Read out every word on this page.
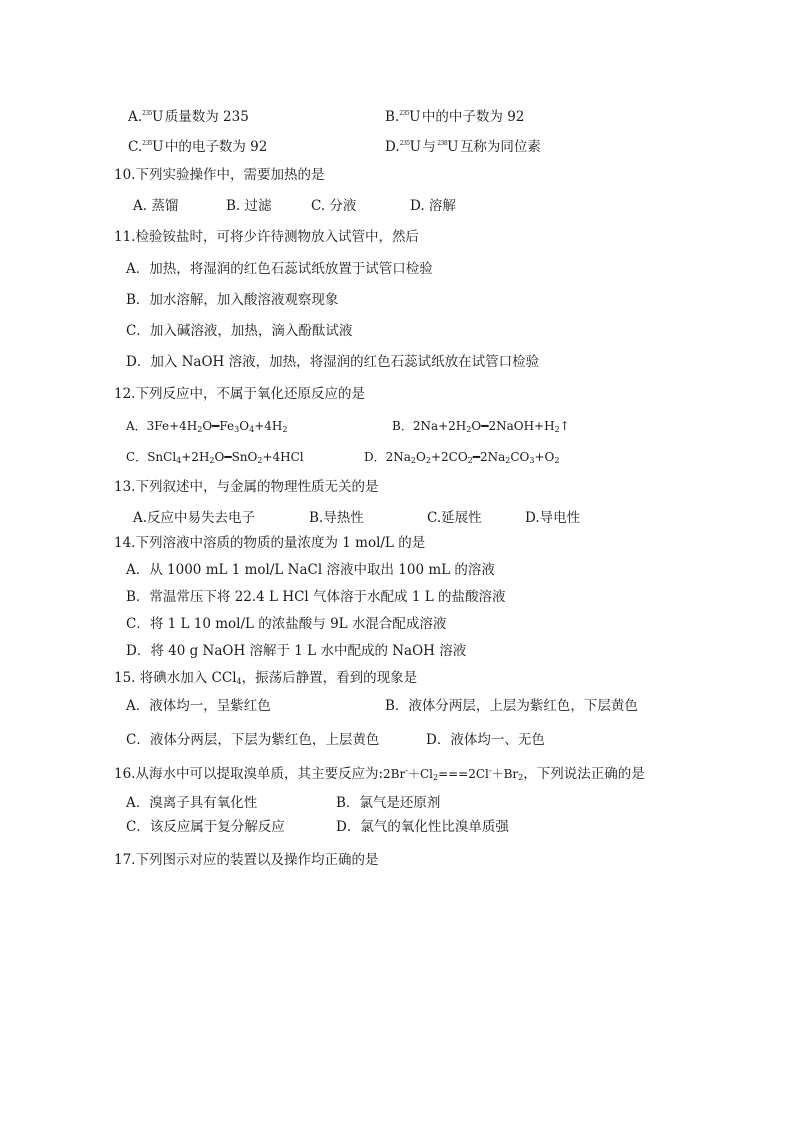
A.$^{235}$U 质量数为 235	B.$^{235}$U 中的中子数为 92
C.$^{235}$U 中的电子数为 92	D.$^{235}$U 与 $^{238}$U 互称为同位素
10.下列实验操作中，需要加热的是
A. 蒸馏	B. 过滤	C. 分液	D. 溶解
11.检验铵盐时，可将少许待测物放入试管中，然后
A．加热，将湿润的红色石蕊试纸放置于试管口检验
B．加水溶解，加入酸溶液观察现象
C．加入碱溶液，加热，滴入酚酞试液
D．加入 NaOH 溶液，加热，将湿润的红色石蕊试纸放在试管口检验
12.下列反应中，不属于氧化还原反应的是
A．$3Fe+4H_2O━Fe_3O_4+4H_2$	B．$2Na+2H_2O━2NaOH+H_2↑$
C．$SnCl_4+2H_2O━SnO_2+4HCl$	D．$2Na_2O_2+2CO_2━2Na_2CO_3+O_2$
13.下列叙述中，与金属的物理性质无关的是
A.反应中易失去电子	B.导热性	C.延展性	D.导电性
14.下列溶液中溶质的物质的量浓度为 1 mol/L 的是
A．从 1000 mL 1 mol/L NaCl 溶液中取出 100 mL 的溶液
B．常温常压下将 22.4 L HCl 气体溶于水配成 1 L 的盐酸溶液
C．将 1 L 10 mol/L 的浓盐酸与 9L 水混合配成溶液
D．将 40 g NaOH 溶解于 1 L 水中配成的 NaOH 溶液
15. 将碘水加入 CCl$_4$，振荡后静置，看到的现象是
A．液体均一，呈紫红色	B．液体分两层，上层为紫红色，下层黄色
C．液体分两层，下层为紫红色，上层黄色	D．液体均一、无色
16.从海水中可以提取溴单质，其主要反应为$:2Br^-+Cl_2===2Cl^-+Br_2$，下列说法正确的是
A．溴离子具有氧化性	B．氯气是还原剂
C．该反应属于复分解反应	D．氯气的氧化性比溴单质强
17.下列图示对应的装置以及操作均正确的是
